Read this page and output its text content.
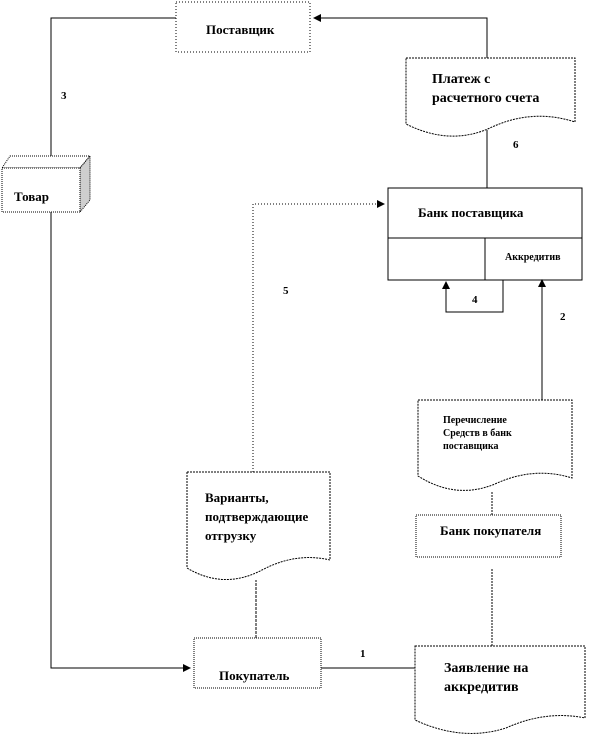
Поставщик
Платеж с
расчетного счета
Товар
Банк поставщика
Аккредитив
Перечисление
Средств в банк
поставщика
Банк покупателя
Варианты,
подтверждающие
отгрузку
Покупатель	Заявление на
аккредитив
1
2
3
4
5
6
